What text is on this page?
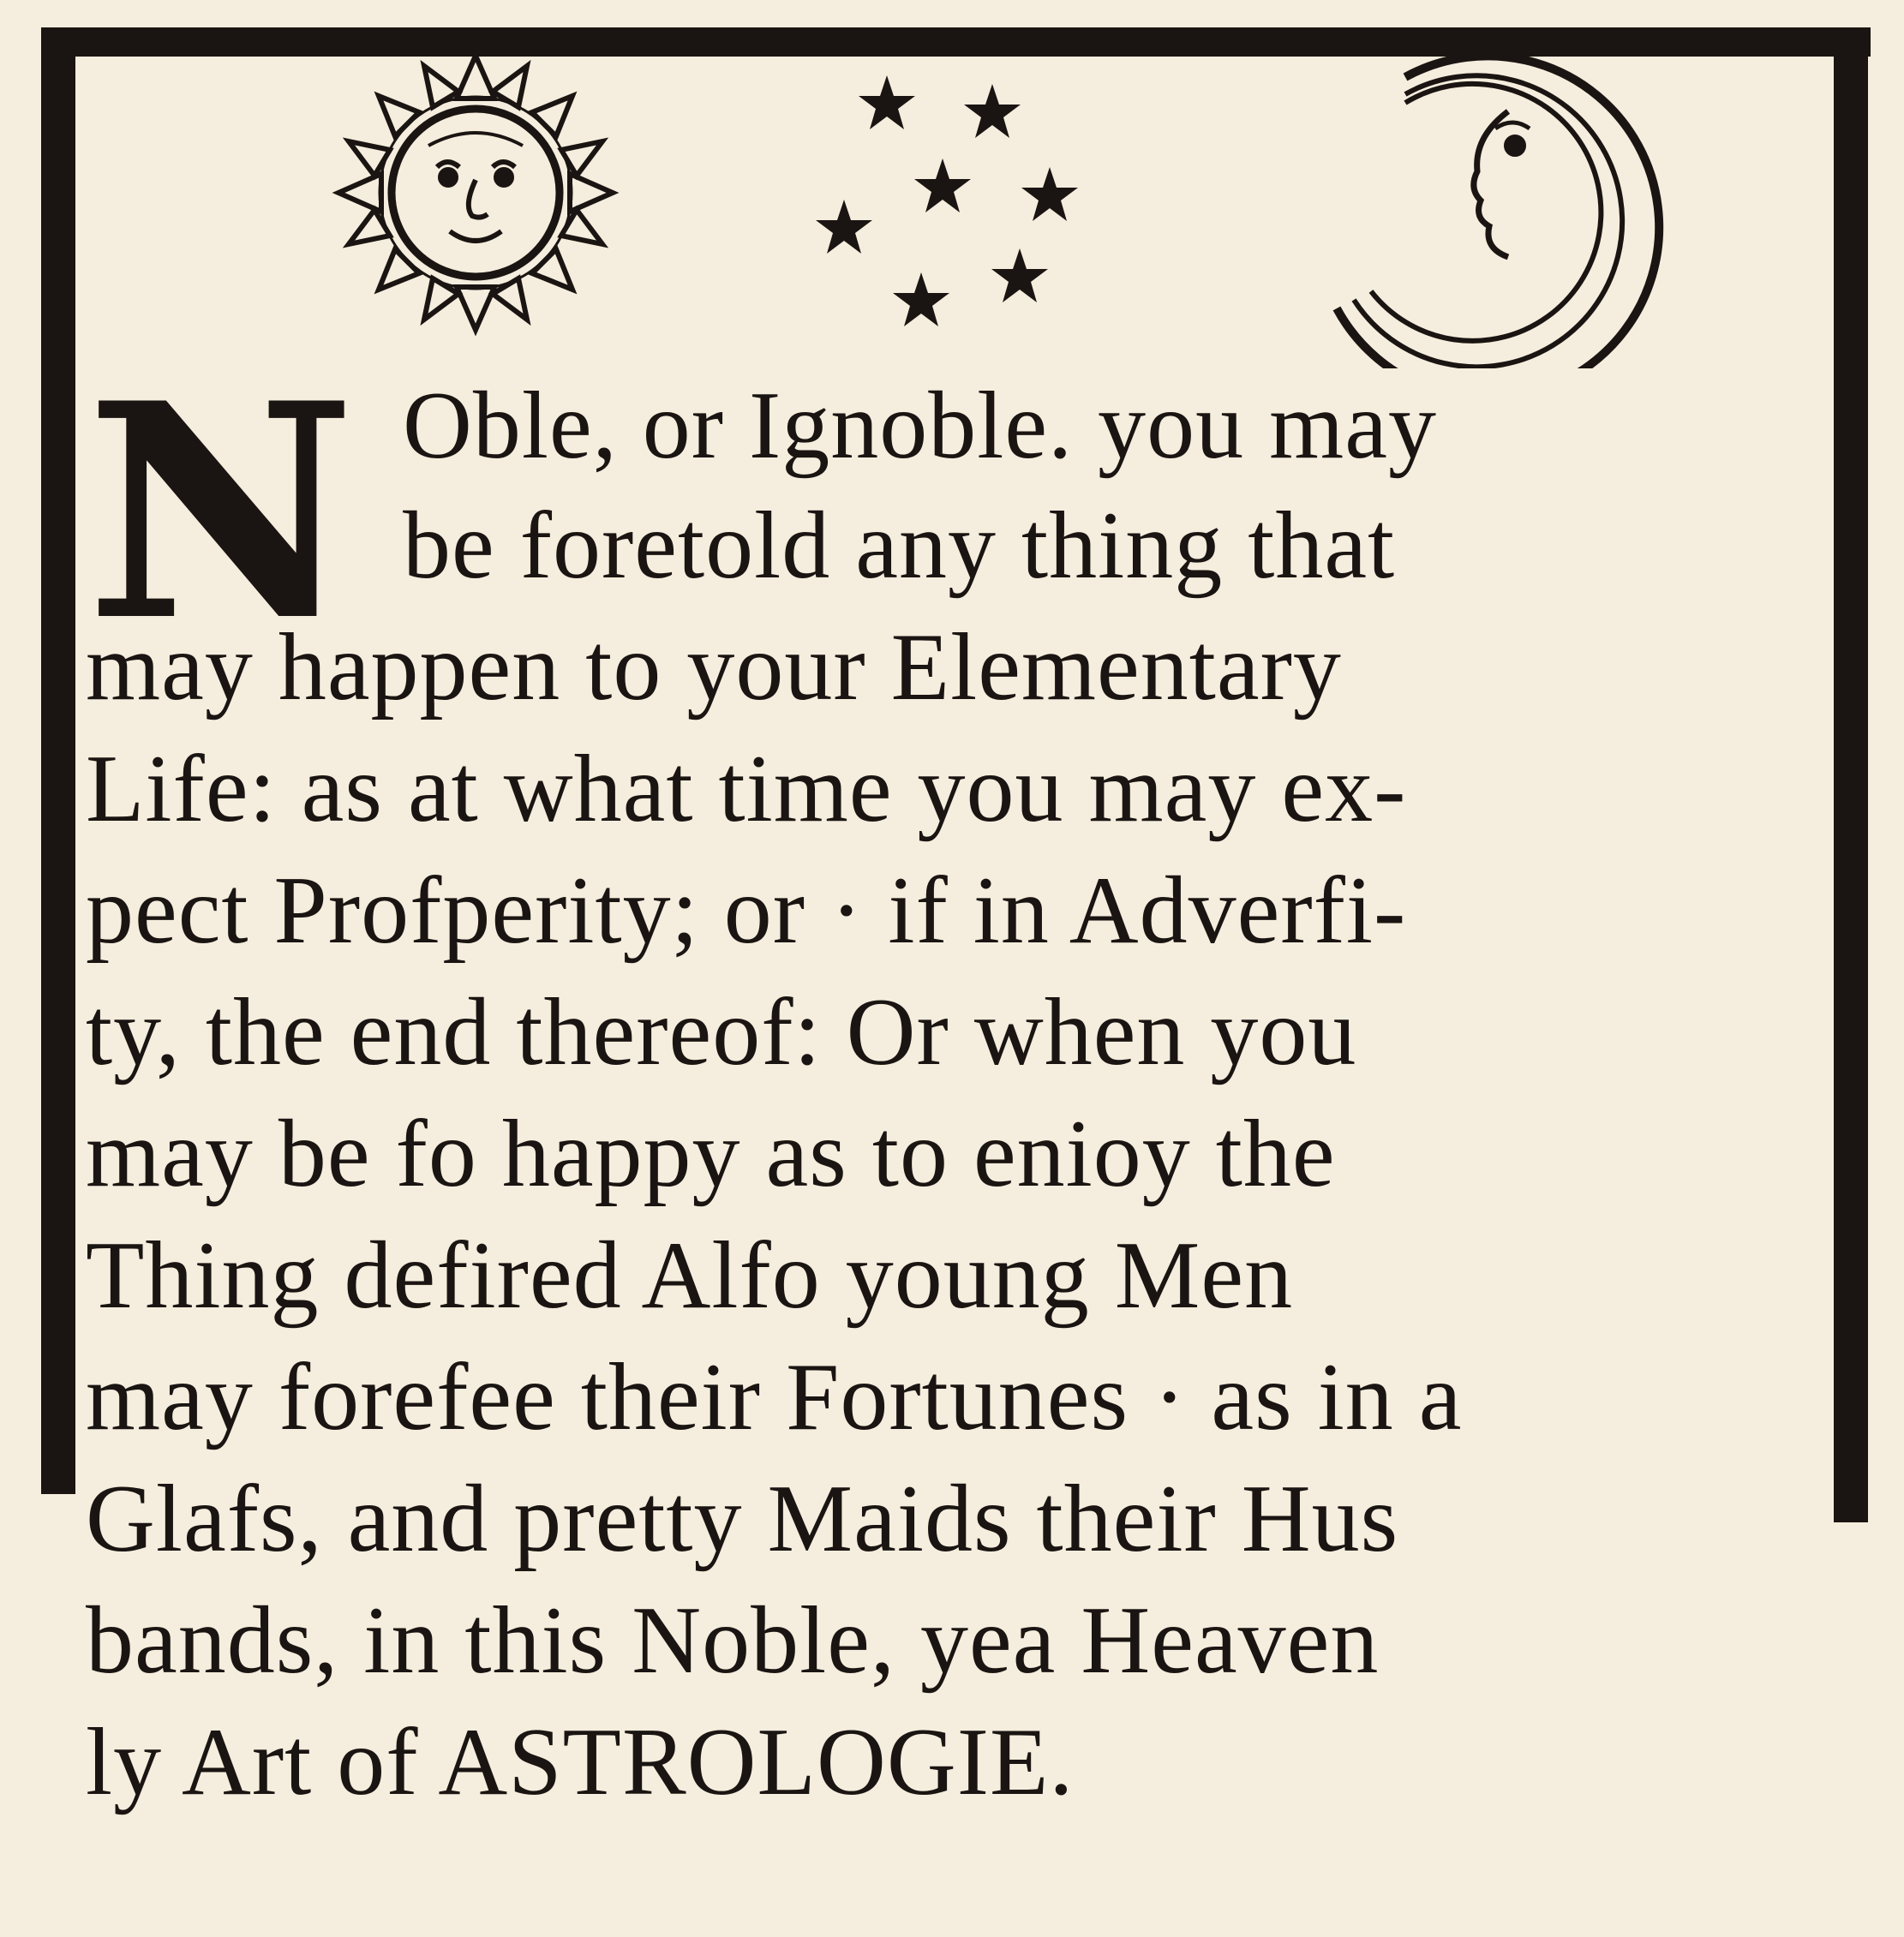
N Oble, or Ignoble. you may
be foretold any thing that
may happen to your Elementary
Life: as at what time you may ex-
pect Profperity; or · if in Adverfi-
ty, the end thereof: Or when you
may be fo happy as to enioy the
Thing defired Alfo young Men
may forefee their Fortunes · as in a
Glafs, and pretty Maids their Hus
bands, in this Noble, yea Heaven
ly Art of ASTROLOGIE.
